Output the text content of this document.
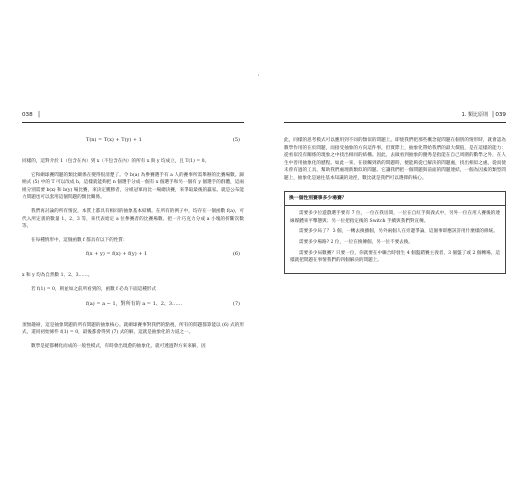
'
038 |
T(n) = T(x) + T(y) + 1	(5)

同樣的，這對介於 1（包含在內）到 x（不包含在內）的所有 x 與 y 均成立，且 T(1) = 0。

它和網球賽問題的類比關係在變得很清楚了。令 b(a) 為參賽選手有 a 人的賽事所需舉辦的比賽場數。歸納式 (5) 中的 T 可以改成 b，這樣就能夠把 n 個選手分成一個有 x 個選手和另一個有 y 個選手的群體，這兩組分別需要 b(x) 和 b(y) 場比賽，來決定獲勝者，分組冠軍再比一場總決賽，來爭取最後的贏家。就是公布能力問題也可以套用這個問題的類比關係。

我們再討論的所有情況，本質上都具有相同的抽象基本結構。在所有的例子中，均存在一個函數 f(a)，可代入所定義的數量 1、2、3 等，來代表給定 a 位參賽者的比賽場數、把一片巧克力分成 a 小塊的折斷次數等。

在每種情形中，這個函數 f 都具有以下的性質：

f(x + y) = f(x) + f(y) + 1	(6)

x 和 y 均為自然數 1、2、3……。

若 f(1) = 0，則並如之前所看到的，函數 f 必為下面這種形式

f(a) = a − 1，對所有的 a = 1、2、3……	(7)

須無趣辯，這是抽象問題的所有問題的抽象核心。就網球賽事對我們的點視，所有的問題都算能以 (6) 式的形式，還同初始條件 f(1) = 0，最後都會得到 (7) 式的解，這就是抽象化的力道之一。

數學是從都轉化而成的一般性模式，有時會出現愈的抽象化，就可透過對方來來解，因

1. 類比原則 | 039

此，同樣的思考模式可以應用到不同的類似的問題上。即使我們把那些概念從問題在個別的情形時，就會認為數學作用的在於問題，而接受抽象的方向這件事，但實際上，抽象化帶給我們的最大價值，是在這樣的能力：從看似沒有關係的現象之中找出相同的結構。因此，去做看到抽象的優秀是指能在自己周圍的數學之外，在人生中善用抽象化的歷程。如此一來，在接觸到新的問題時，便能夠從已解決的問題處，找出相似之處，從而使未曾有過的工具，幫助我們處理新類似的問題。它讓我們把一個問題與前面的問題連結，一個為因素的類型問題上，抽象化是通往基本知識的途徑，數比就是我們可以選擇的核心。

換一個性別賽事多少場賽？

需要多少位遊戲選手要有 7 位，一位在我房間，一位在自紅手與義式中，另外一位在用人賽後的連線媒體來平擊態與；另一位把指定後的 Switch 手續與我們對宣傳。

需要多少局了？ 3 個，一轉去換播個，另外兩個人在旁邊爭論，這個事即應該許用什麼樣的條統。

需要多少場路? 2 位，一位在換傳個，另一位不要去換。

需要多少局數賽？只要一位，你就要在中聯合時發生 4 個盤錯賽主義者，3 個盤了或 2 個轉場，這樣就把問題在事情我們的四個解決的問題上。
